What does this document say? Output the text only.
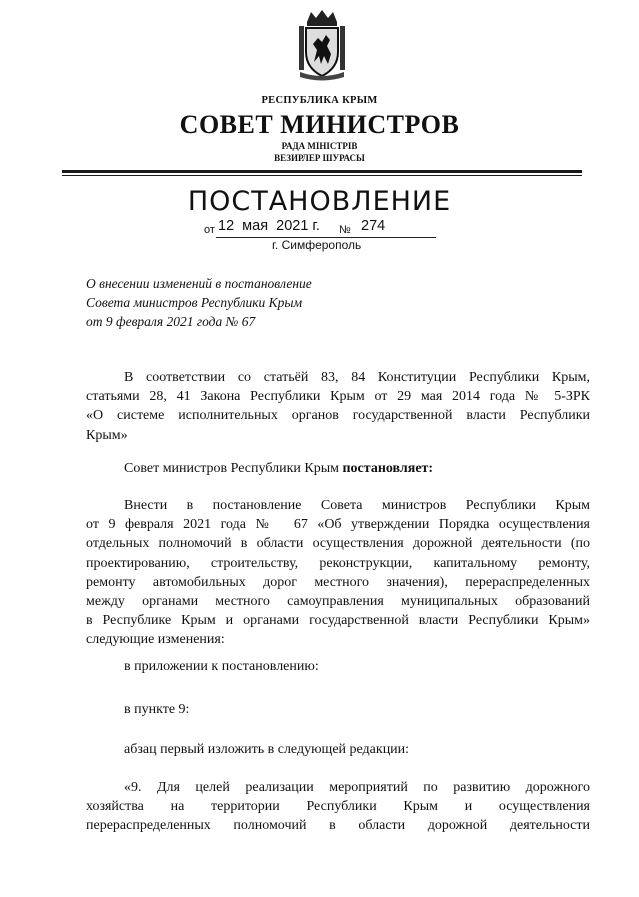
РЕСПУБЛИКА КРЫМ
СОВЕТ МИНИСТРОВ
РАДА МІНІСТРІВ
ВЕЗИРЛЕР ШУРАСЫ
ПОСТАНОВЛЕНИЕ
от 12  мая  2021 г. № 274
г. Симферополь
О внесении изменений в постановление
Совета министров Республики Крым
от 9 февраля 2021 года № 67
В соответствии со статьёй 83, 84 Конституции Республики Крым,
статьями 28, 41 Закона Республики Крым от 29 мая 2014 года № 5-ЗРК
«О системе исполнительных органов государственной власти Республики
Крым»
Совет министров Республики Крым постановляет:
Внести в постановление Совета министров Республики Крым
от 9 февраля 2021 года №  67 «Об утверждении Порядка осуществления
отдельных полномочий в области осуществления дорожной деятельности (по
проектированию, строительству, реконструкции, капитальному ремонту,
ремонту автомобильных дорог местного значения), перераспределенных
между органами местного самоуправления муниципальных образований
в Республике Крым и органами государственной власти Республики Крым»
следующие изменения:
в приложении к постановлению:
в пункте 9:
абзац первый изложить в следующей редакции:
«9. Для целей реализации мероприятий по развитию дорожного
хозяйства на территории Республики Крым и осуществления
перераспределенных полномочий в области дорожной деятельности
